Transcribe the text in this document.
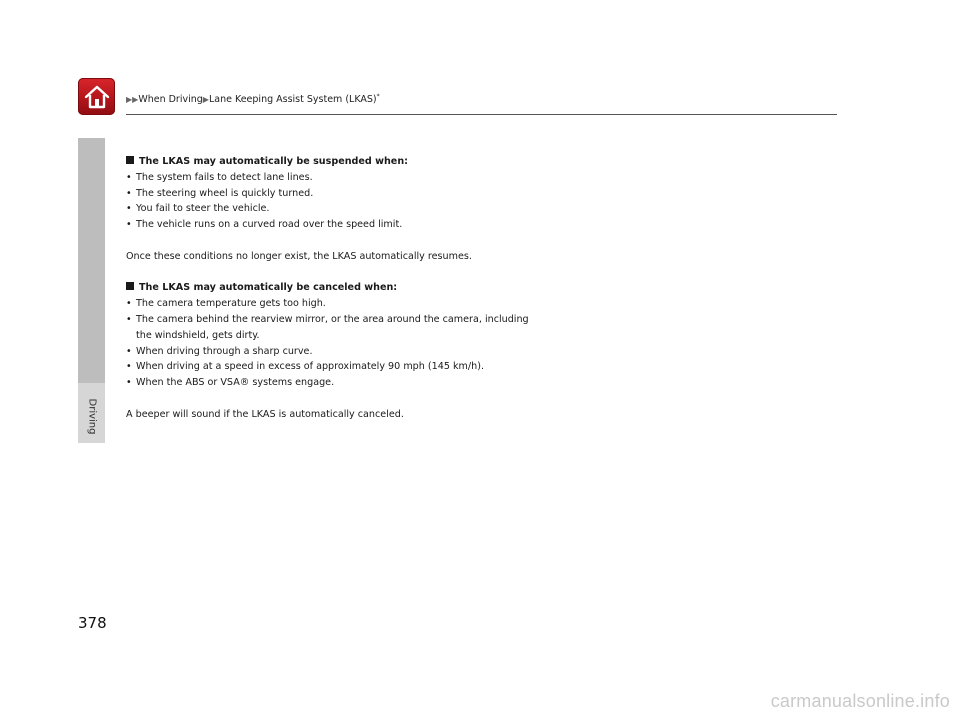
▶▶When Driving▶Lane Keeping Assist System (LKAS)*
Driving

The LKAS may automatically be suspended when:

• The system fails to detect lane lines.
• The steering wheel is quickly turned.
• You fail to steer the vehicle.
• The vehicle runs on a curved road over the speed limit.

Once these conditions no longer exist, the LKAS automatically resumes.

The LKAS may automatically be canceled when:

• The camera temperature gets too high.
• The camera behind the rearview mirror, or the area around the camera, including
the windshield, gets dirty.
• When driving through a sharp curve.
• When driving at a speed in excess of approximately 90 mph (145 km/h).
• When the ABS or VSA® systems engage.

A beeper will sound if the LKAS is automatically canceled.

378
carmanualsonline.info
